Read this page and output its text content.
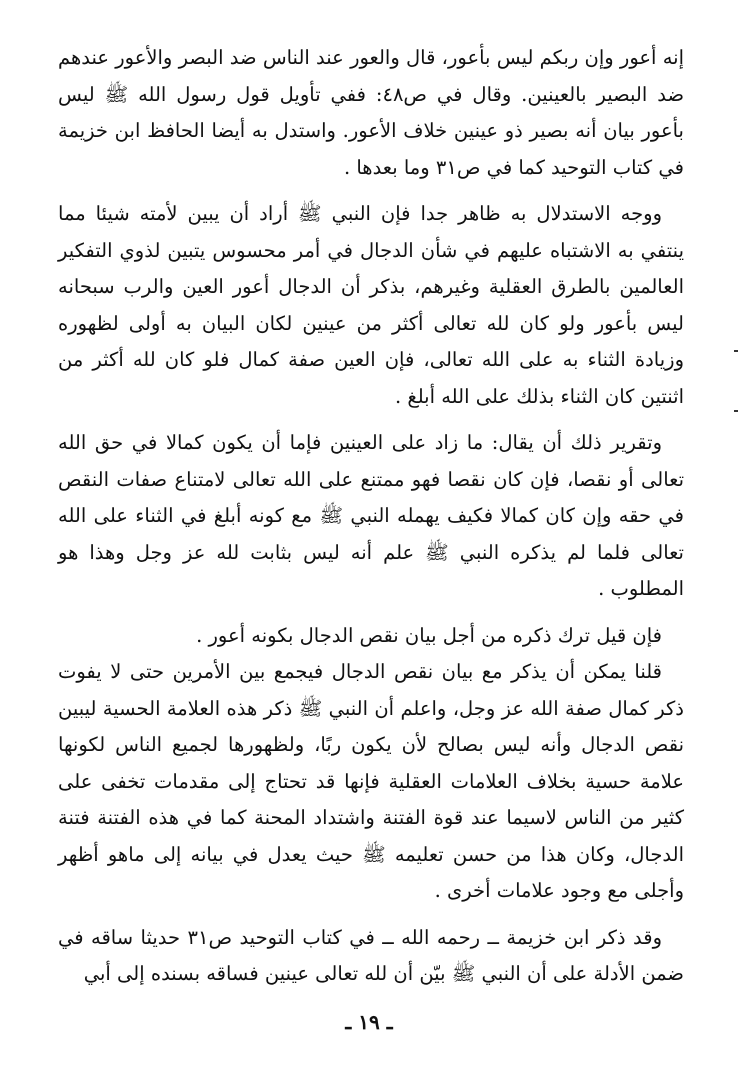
إنه أعور وإن ربكم ليس بأعور، قال والعور عند الناس ضد البصر والأعور عندهم ضد البصير بالعينين. وقال في ص٤٨: ففي تأويل قول رسول الله ﷺ ليس بأعور بيان أنه بصير ذو عينين خلاف الأعور. واستدل به أيضا الحافظ ابن خزيمة في كتاب التوحيد كما في ص٣١ وما بعدها .

ووجه الاستدلال به ظاهر جدا فإن النبي ﷺ أراد أن يبين لأمته شيئا مما ينتفي به الاشتباه عليهم في شأن الدجال في أمر محسوس يتبين لذوي التفكير العالمين بالطرق العقلية وغيرهم، بذكر أن الدجال أعور العين والرب سبحانه ليس بأعور ولو كان لله تعالى أكثر من عينين لكان البيان به أولى لظهوره وزيادة الثناء به على الله تعالى، فإن العين صفة كمال فلو كان لله أكثر من اثنتين كان الثناء بذلك على الله أبلغ .

وتقرير ذلك أن يقال: ما زاد على العينين فإما أن يكون كمالا في حق الله تعالى أو نقصا، فإن كان نقصا فهو ممتنع على الله تعالى لامتناع صفات النقص في حقه وإن كان كمالا فكيف يهمله النبي ﷺ مع كونه أبلغ في الثناء على الله تعالى فلما لم يذكره النبي ﷺ علم أنه ليس بثابت لله عز وجل وهذا هو المطلوب .

فإن قيل ترك ذكره من أجل بيان نقص الدجال بكونه أعور .

قلنا يمكن أن يذكر مع بيان نقص الدجال فيجمع بين الأمرين حتى لا يفوت ذكر كمال صفة الله عز وجل، واعلم أن النبي ﷺ ذكر هذه العلامة الحسية ليبين نقص الدجال وأنه ليس بصالح لأن يكون ربًا، ولظهورها لجميع الناس لكونها علامة حسية بخلاف العلامات العقلية فإنها قد تحتاج إلى مقدمات تخفى على كثير من الناس لاسيما عند قوة الفتنة واشتداد المحنة كما في هذه الفتنة فتنة الدجال، وكان هذا من حسن تعليمه ﷺ حيث يعدل في بيانه إلى ماهو أظهر وأجلى مع وجود علامات أخرى .

وقد ذكر ابن خزيمة ــ رحمه الله ــ في كتاب التوحيد ص٣١ حديثا ساقه في ضمن الأدلة على أن النبي ﷺ بيّن أن لله تعالى عينين فساقه بسنده إلى أبي

ـ ١٩ ـ
